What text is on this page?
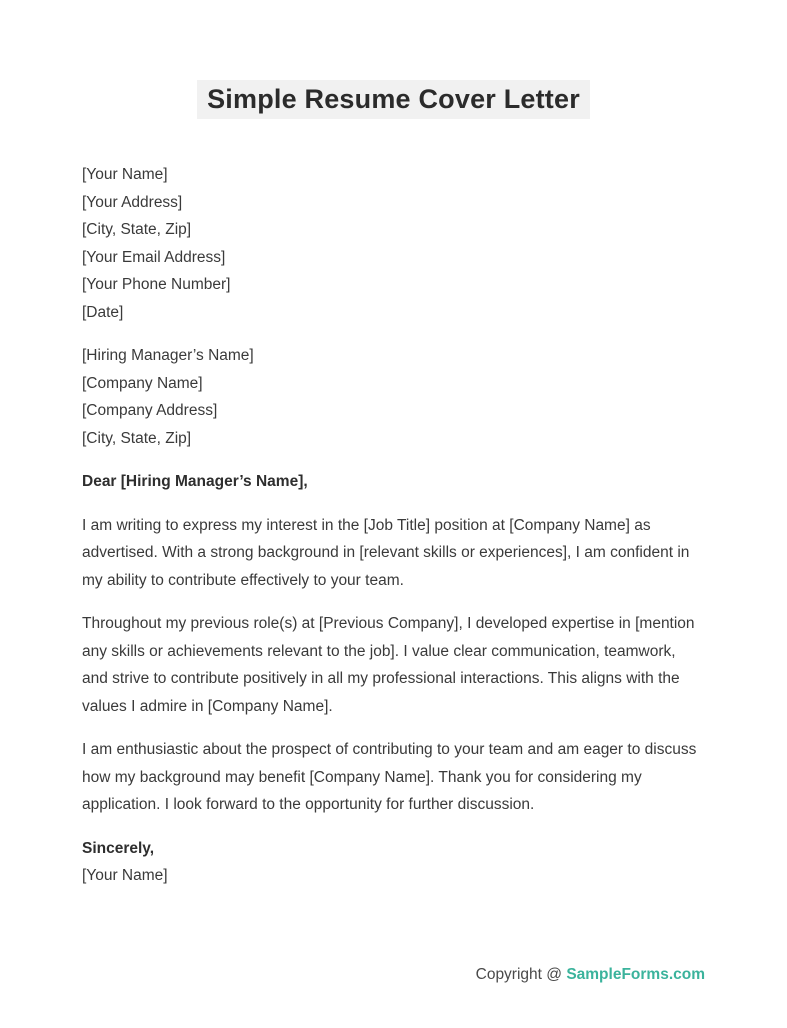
Simple Resume Cover Letter
[Your Name]
[Your Address]
[City, State, Zip]
[Your Email Address]
[Your Phone Number]
[Date]
[Hiring Manager’s Name]
[Company Name]
[Company Address]
[City, State, Zip]
Dear [Hiring Manager’s Name],

I am writing to express my interest in the [Job Title] position at [Company Name] as advertised. With a strong background in [relevant skills or experiences], I am confident in my ability to contribute effectively to your team.

Throughout my previous role(s) at [Previous Company], I developed expertise in [mention any skills or achievements relevant to the job]. I value clear communication, teamwork, and strive to contribute positively in all my professional interactions. This aligns with the values I admire in [Company Name].

I am enthusiastic about the prospect of contributing to your team and am eager to discuss how my background may benefit [Company Name]. Thank you for considering my application. I look forward to the opportunity for further discussion.

Sincerely,
[Your Name]
Copyright @ SampleForms.com
